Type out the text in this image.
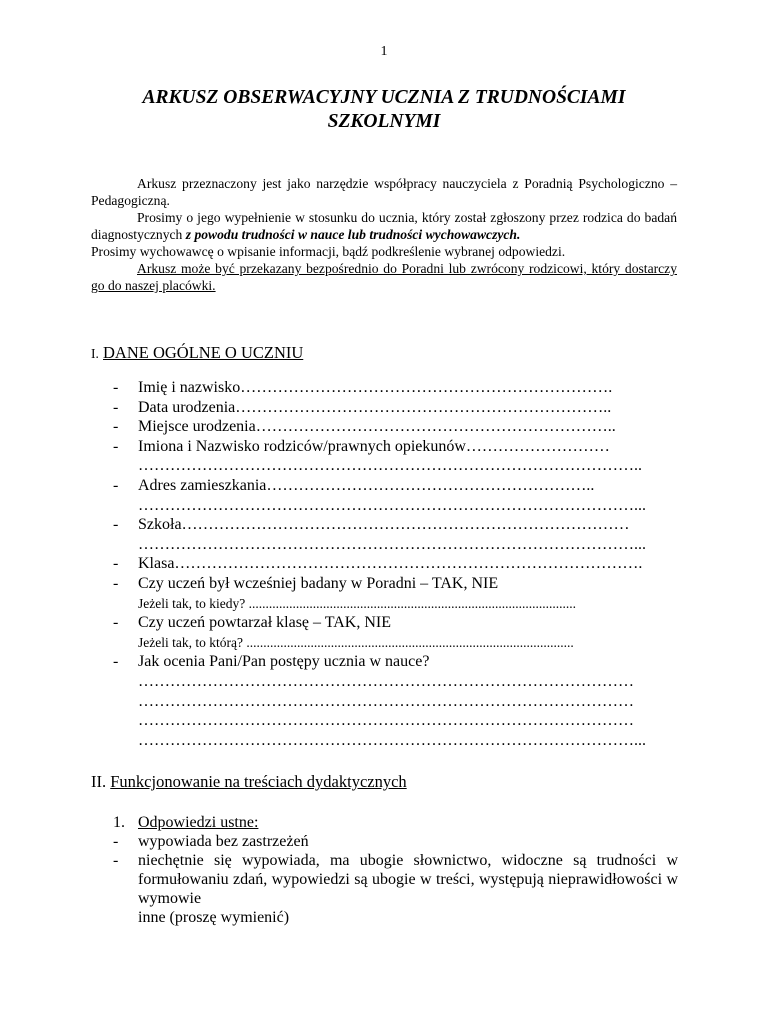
1
ARKUSZ OBSERWACYJNY UCZNIA Z TRUDNOŚCIAMI
SZKOLNYMI

Arkusz przeznaczony jest jako narzędzie współpracy nauczyciela z Poradnią Psychologiczno – Pedagogiczną.

Prosimy o jego wypełnienie w stosunku do ucznia, który został zgłoszony przez rodzica do badań diagnostycznych z powodu trudności w nauce lub trudności wychowawczych.

Prosimy wychowawcę o wpisanie informacji, bądź podkreślenie wybranej odpowiedzi.

Arkusz może być przekazany bezpośrednio do Poradni lub zwrócony rodzicowi, który dostarczy go do naszej placówki.

I. DANE OGÓLNE O UCZNIU
- Imię i nazwisko…………………………………………………………….
- Data urodzenia……………………………………………………………..
- Miejsce urodzenia…………………………………………………………..
- Imiona i Nazwisko rodziców/prawnych opiekunów………………………
…………………………………………………………………………………..
- Adres zamieszkania……………………………………………………..
…………………………………………………………………………………...
- Szkoła…………………………………………………………………………
…………………………………………………………………………………...
- Klasa…………………………………………………………………………….
- Czy uczeń był wcześniej badany w Poradni – TAK, NIE
Jeżeli tak, to kiedy? .................................................................................................
- Czy uczeń powtarzał klasę – TAK, NIE
Jeżeli tak, to którą? .................................................................................................
- Jak ocenia Pani/Pan postępy ucznia w nauce?
…………………………………………………………………………………
…………………………………………………………………………………
…………………………………………………………………………………
…………………………………………………………………………………...
II. Funkcjonowanie na treściach dydaktycznych
1. Odpowiedzi ustne:
- wypowiada bez zastrzeżeń
- niechętnie się wypowiada, ma ubogie słownictwo, widoczne są trudności w formułowaniu zdań, wypowiedzi są ubogie w treści, występują nieprawidłowości w wymowie
inne (proszę wymienić)
